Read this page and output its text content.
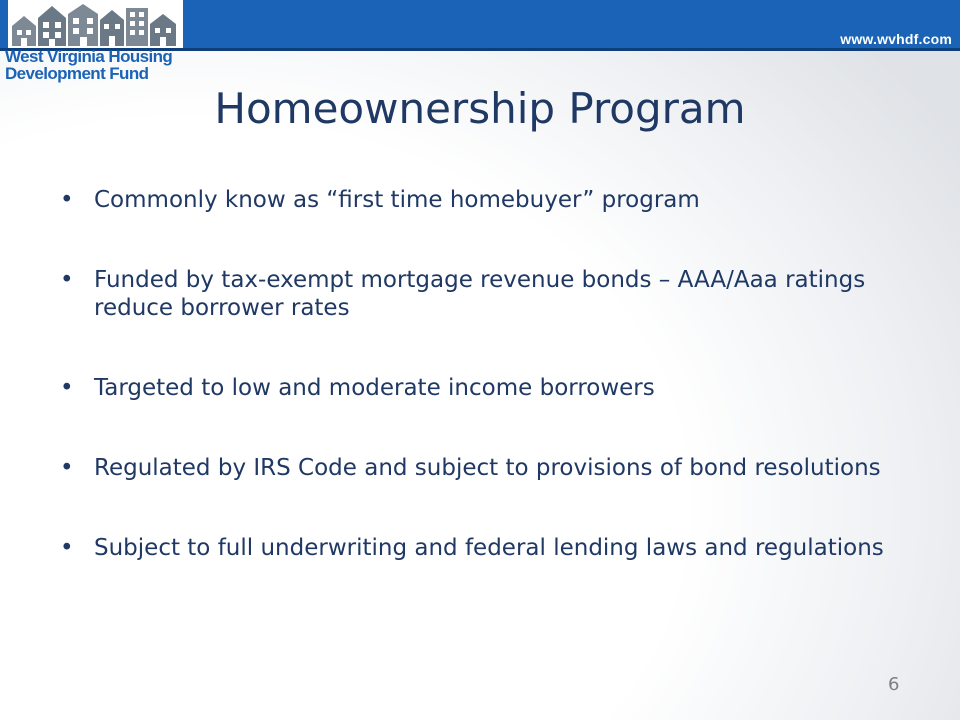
West Virginia Housing
Development Fund
www.wvhdf.com
Homeownership Program
• Commonly know as “first time homebuyer” program
• Funded by tax-exempt mortgage revenue bonds – AAA/Aaa ratings reduce borrower rates
• Targeted to low and moderate income borrowers
• Regulated by IRS Code and subject to provisions of bond resolutions
• Subject to full underwriting and federal lending laws and regulations
6
